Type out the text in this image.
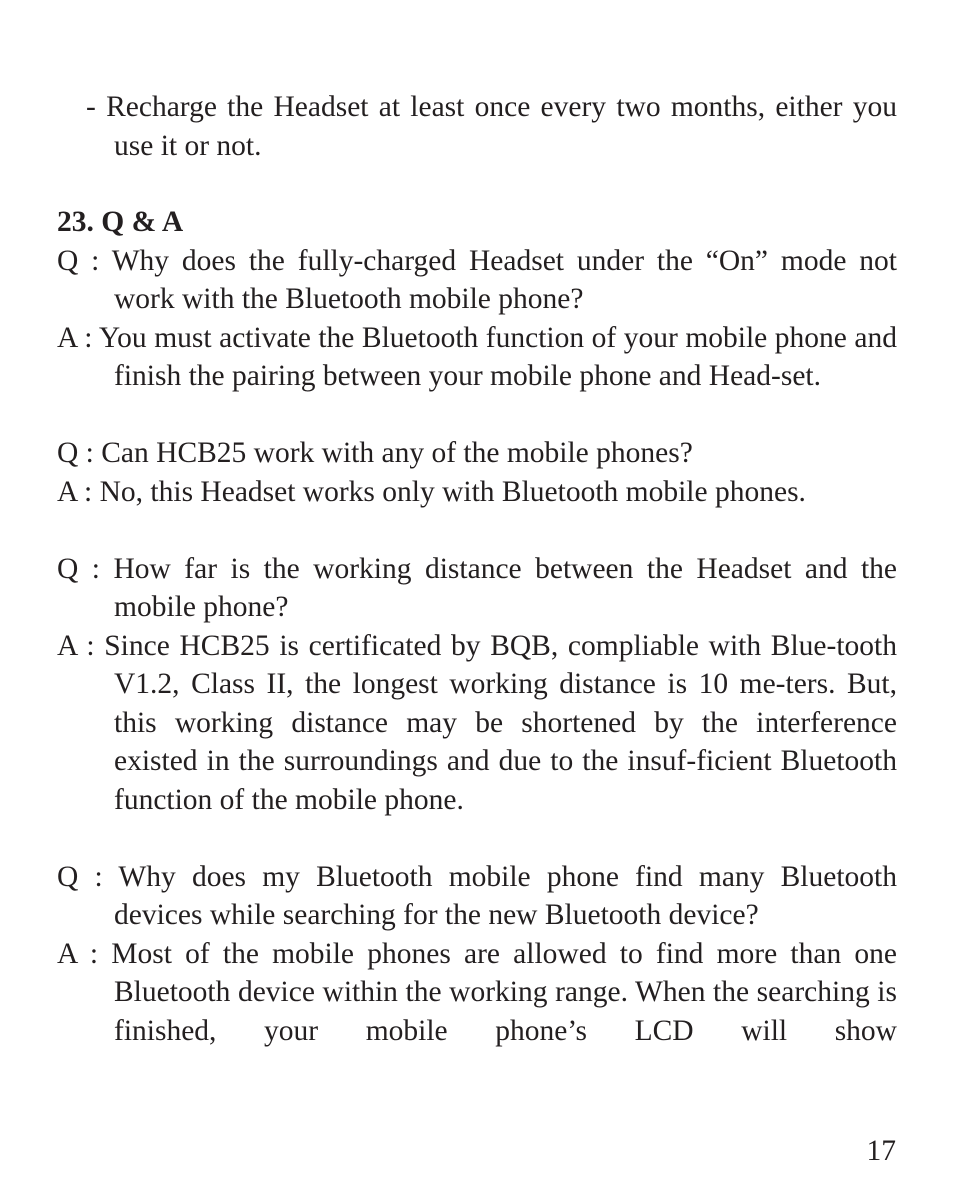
- Recharge the Headset at least once every two months, either you use it or not.
23. Q & A
Q : Why does the fully-charged Headset under the “On” mode not work with the Bluetooth mobile phone?
A : You must activate the Bluetooth function of your mobile phone and finish the pairing between your mobile phone and Head-set.
Q : Can HCB25 work with any of the mobile phones?
A : No, this Headset works only with Bluetooth mobile phones.
Q : How far is the working distance between the Headset and the mobile phone?
A : Since HCB25 is certificated by BQB, compliable with Blue-tooth V1.2, Class II, the longest working distance is 10 me-ters. But, this working distance may be shortened by the interference existed in the surroundings and due to the insuf-ficient Bluetooth function of the mobile phone.
Q : Why does my Bluetooth mobile phone find many Bluetooth devices while searching for the new Bluetooth device?
A : Most of the mobile phones are allowed to find more than one Bluetooth device within the working range. When the searching is finished, your mobile phone’s LCD will show
17
